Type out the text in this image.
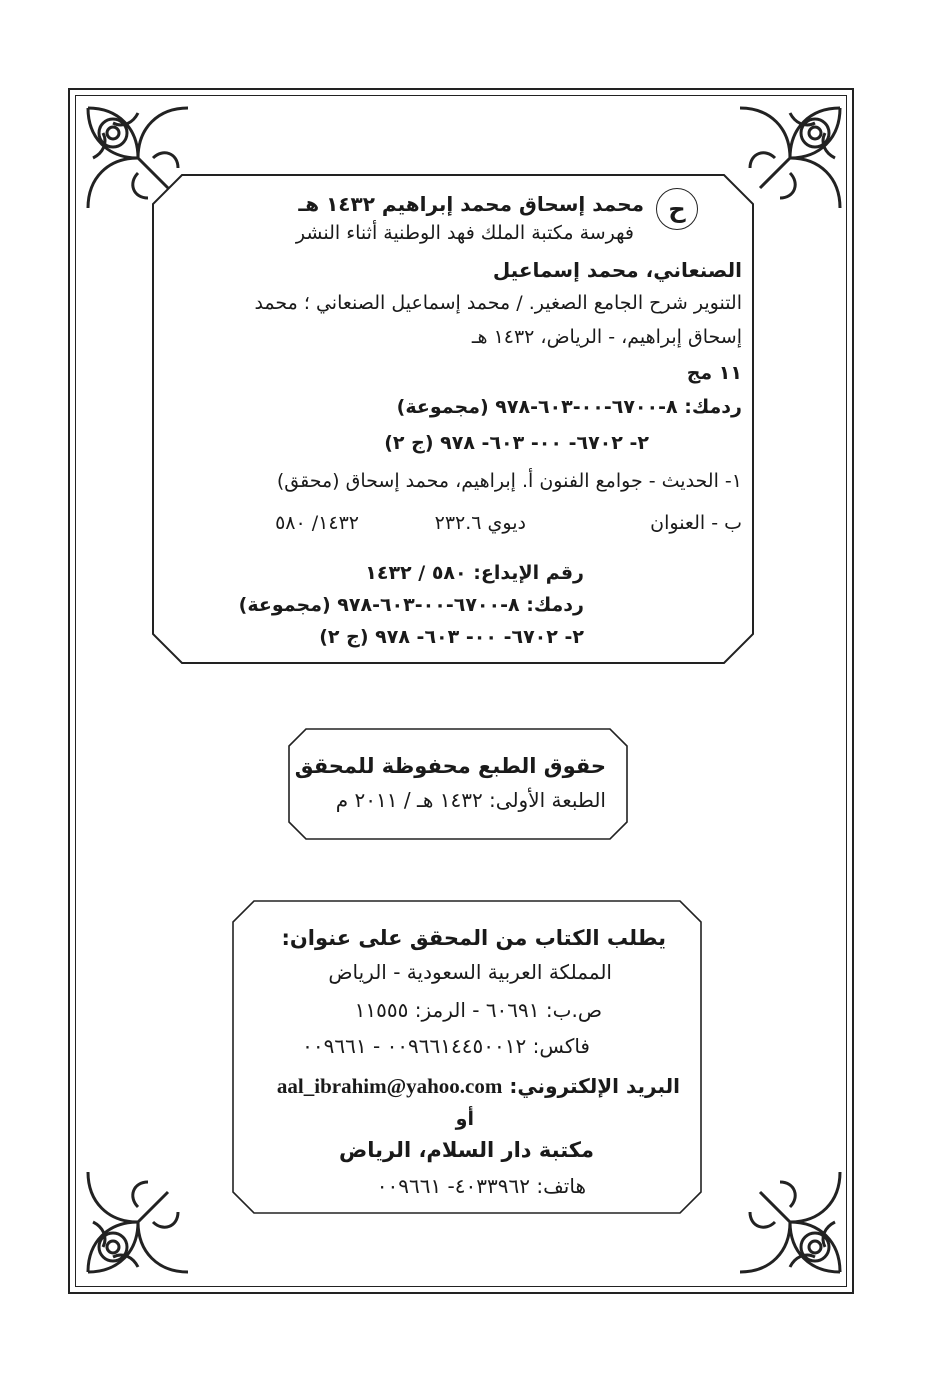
ح
محمد إسحاق محمد إبراهيم ١٤٣٢ هـ
فهرسة مكتبة الملك فهد الوطنية أثناء النشر
الصنعاني، محمد إسماعيل
التنوير شرح الجامع الصغير. / محمد إسماعيل الصنعاني ؛ محمد
إسحاق إبراهيم، - الرياض، ١٤٣٢ هـ
١١ مج
ردمك: ٨-٦٧٠٠-٠٠-٦٠٣-٩٧٨ (مجموعة)
٢- ٦٧٠٢- ٠٠- ٦٠٣- ٩٧٨ (ج ٢)
١- الحديث - جوامع الفنون أ. إبراهيم، محمد إسحاق (محقق)
ب - العنوان
ديوي ٢٣٢.٦
١٤٣٢/ ٥٨٠
رقم الإيداع: ٥٨٠ / ١٤٣٢
ردمك: ٨-٦٧٠٠-٠٠-٦٠٣-٩٧٨ (مجموعة)
٢- ٦٧٠٢- ٠٠- ٦٠٣- ٩٧٨ (ج ٢)
حقوق الطبع محفوظة للمحقق
الطبعة الأولى: ١٤٣٢ هـ / ٢٠١١ م
يطلب الكتاب من المحقق على عنوان:
المملكة العربية السعودية - الرياض
ص.ب: ٦٠٦٩١ - الرمز: ١١٥٥٥
فاكس: ٠٠٩٦٦١٤٤٥٠٠١٢ - ٠٠٩٦٦١
البريد الإلكتروني: aal_ibrahim@yahoo.com
أو
مكتبة دار السلام، الرياض
هاتف: ٤٠٣٣٩٦٢- ٠٠٩٦٦١
